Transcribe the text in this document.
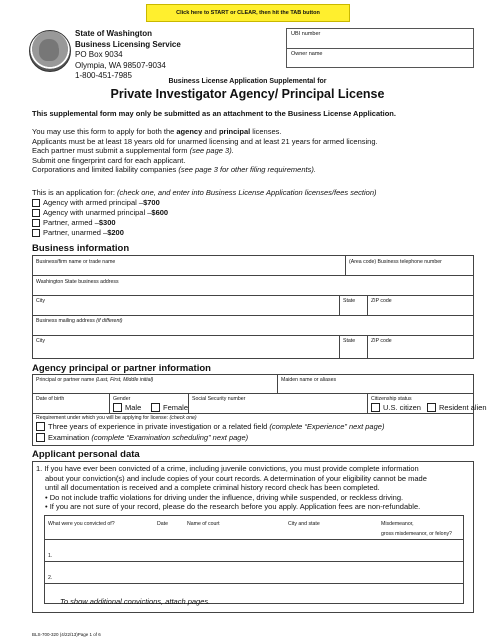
Click here to START or CLEAR, then hit the TAB button
State of Washington
Business Licensing Service
PO Box 9034
Olympia, WA 98507-9034
1-800-451-7985
UBI number
Owner name
Business License Application Supplemental for
Private Investigator Agency/ Principal License
This supplemental form may only be submitted as an attachment to the Business License Application.
You may use this form to apply for both the agency and principal licenses.
Applicants must be at least 18 years old for unarmed licensing and at least 21 years for armed licensing.
Each partner must submit a supplemental form (see page 3).
Submit one fingerprint card for each applicant.
Corporations and limited liability companies (see page 3 for other filing requirements).
This is an application for: (check one, and enter into Business License Application licenses/fees section)
Agency with armed principal – $700
Agency with unarmed principal – $600
Partner, armed – $300
Partner, unarmed – $200
Business information
Business/firm name or trade name	(Area code) Business telephone number
Washington State business address
City	State	ZIP code
Business mailing address (if different)
City	State	ZIP code
Agency principal or partner information
Principal or partner name (Last, First, Middle initial)	Maiden name or aliases
Date of birth	Gender
Male	Female
Social Security number	Citizenship status
U.S. citizen Resident alien
Requirement under which you will be applying for license: (check one)
Three years of experience in private investigation or a related field
(complete “Experience” next page)
Examination
(complete “Examination scheduling” next page)
Applicant personal data
1. If you have ever been convicted of a crime, including juvenile convictions, you must provide complete information
about your conviction(s) and include copies of your court records. A determination of your eligibility cannot be made
until all documentation is received and a complete criminal history record check has been completed.
• Do not include traffic violations for driving under the influence, driving while suspended, or reckless driving.
• If you are not sure of your record, please do the research before you apply. Application fees are non-refundable.
What were you convicted of?	Date	Name of court	City and state	Misdemeanor,
gross misdemeanor, or felony?
1.
2.
To show additional convictions, attach pages.
BLS-700-320 (4/22/13)Page 1 of 6
